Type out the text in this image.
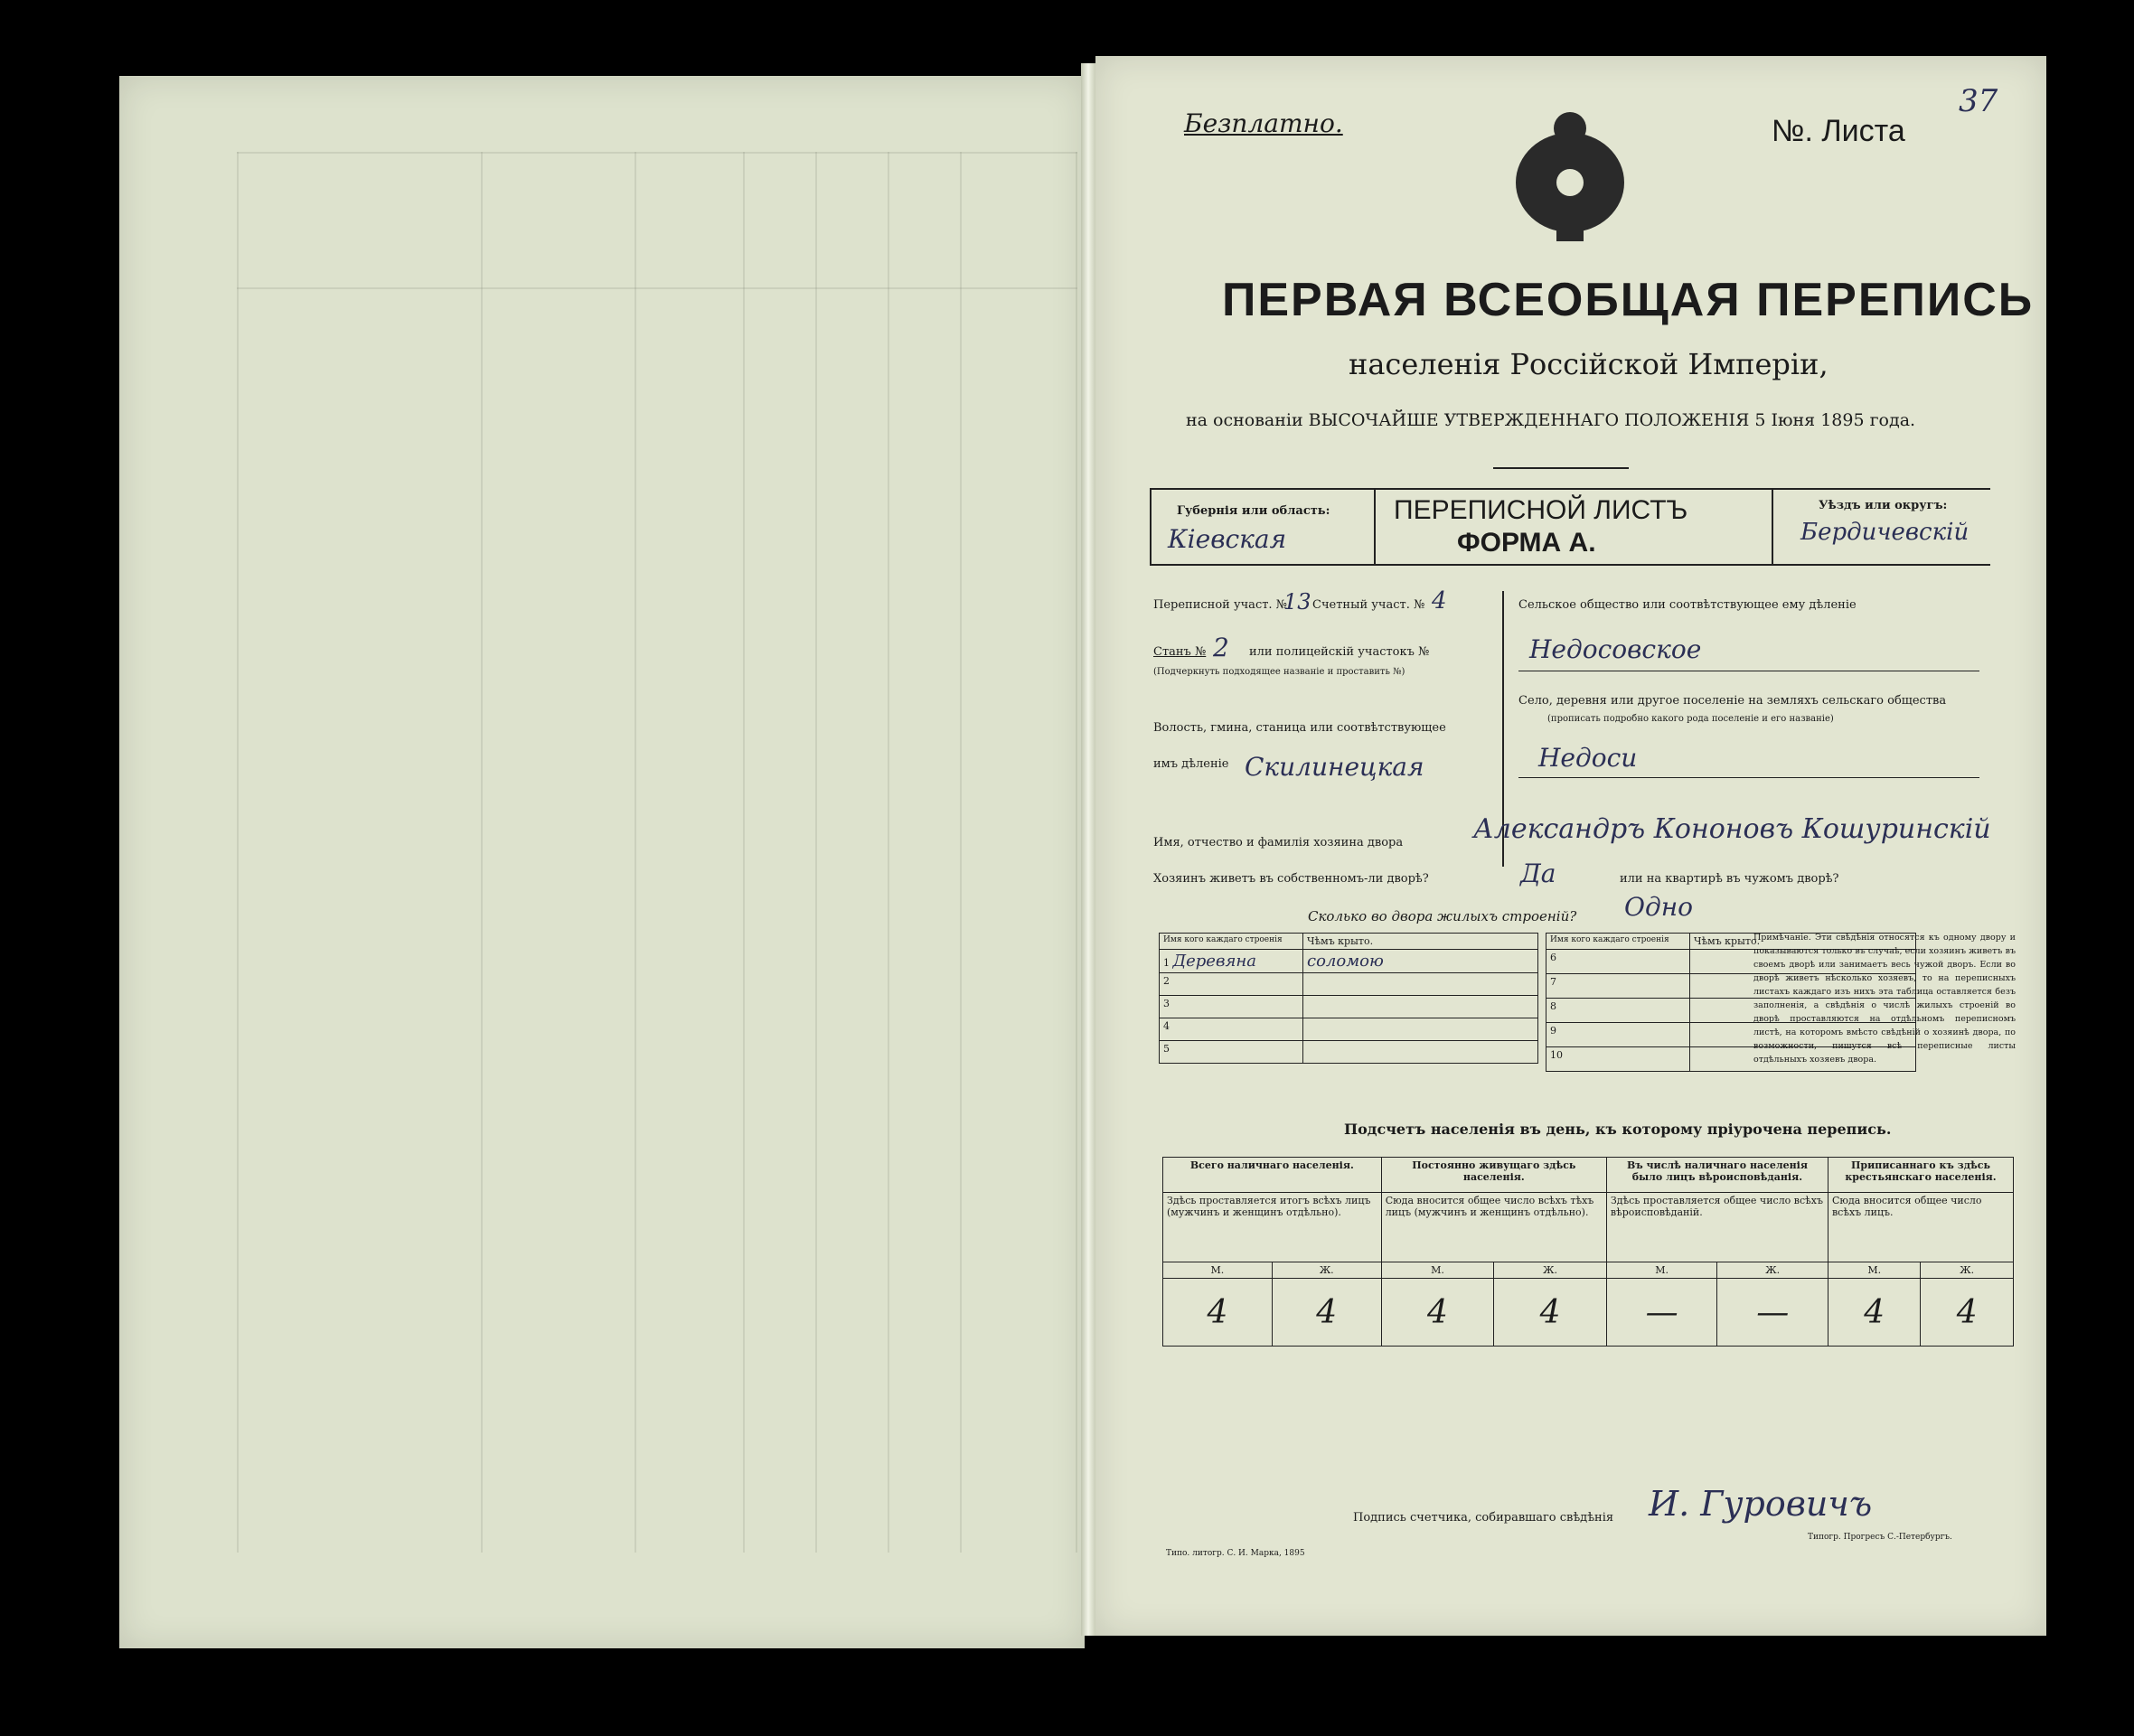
Безплатно.	№. Листа
37
ПЕРВАЯ ВСЕОБЩАЯ ПЕРЕПИСЬ
населенія Россійской Имперіи,
на основаніи ВЫСОЧАЙШЕ УТВЕРЖДЕННАГО ПОЛОЖЕНІЯ 5 Іюня 1895 года.
Губернія или область:
Кіевская
ПЕРЕПИСНОЙ ЛИСТЪ
ФОРМА А.
Уѣздъ или округъ:
Бердичевскій
Переписной участ. №
13 Счетный участ. № 4
Станъ № 2 или полицейскій участокъ №
(Подчеркнуть подходящее названіе и проставить №)
Волость, гмина, станица или соотвѣтствующее имъ дѣленіе Скилинецкая
Сельское общество или соотвѣтствующее ему дѣленіе
Недосовское
Село, деревня или другое поселеніе на земляхъ сельскаго общества
(прописать подробно какого рода поселеніе и его названіе)
Недоси
Имя, отчество и фамилія хозяина двора	Александръ Кононовъ Кошуринскій
Хозяинъ живетъ въ собственномъ-ли дворѣ?	Да	или на квартирѣ въ чужомъ дворѣ?
Сколько во двора жилыхъ строеній? Одно
Имя кого каждаго строенія	Чѣмъ крыто.
1 Деревяна	соломою
2	
3	
4	
5	
Имя кого каждаго строенія	Чѣмъ крыто.
6	
7	
8	
9	
10	
Примѣчаніе. Эти свѣдѣнія относятся къ одному двору и показываются только въ случаѣ, если хозяинъ живетъ въ своемъ дворѣ или занимаетъ весь чужой дворъ. Если во дворѣ живетъ нѣсколько хозяевъ, то на переписныхъ листахъ каждаго изъ нихъ эта таблица оставляется безъ заполненія, а свѣдѣнія о числѣ жилыхъ строеній во дворѣ проставляются на отдѣльномъ переписномъ листѣ, на которомъ вмѣсто свѣдѣній о хозяинѣ двора, по возможности, пишутся всѣ переписные листы отдѣльныхъ хозяевъ двора.
Подсчетъ населенія въ день, къ которому пріурочена перепись.
Всего наличнаго населенія.		Постоянно живущаго здѣсь населенія.		Въ числѣ наличнаго населенія было лицъ вѣроисповѣданія.		Приписаннаго къ здѣсь крестьянскаго населенія.	
Здѣсь проставляется итогъ всѣхъ лицъ (мужчинъ и женщинъ отдѣльно).		Сюда вносится общее число всѣхъ тѣхъ лицъ (мужчинъ и женщинъ отдѣльно).		Здѣсь проставляется общее число всѣхъ вѣроисповѣданій.		Сюда вносится общее число всѣхъ лицъ.	
М.	Ж.	М.	Ж.	М.	Ж.	М.	Ж.
4	4	4	4	—	—	4	4
Подпись счетчика, собиравшаго свѣдѣнія И. Гуровичъ
Типо. литогр. С. И. Марка, 1895
Типогр. Прогресъ С.-Петербургъ.
